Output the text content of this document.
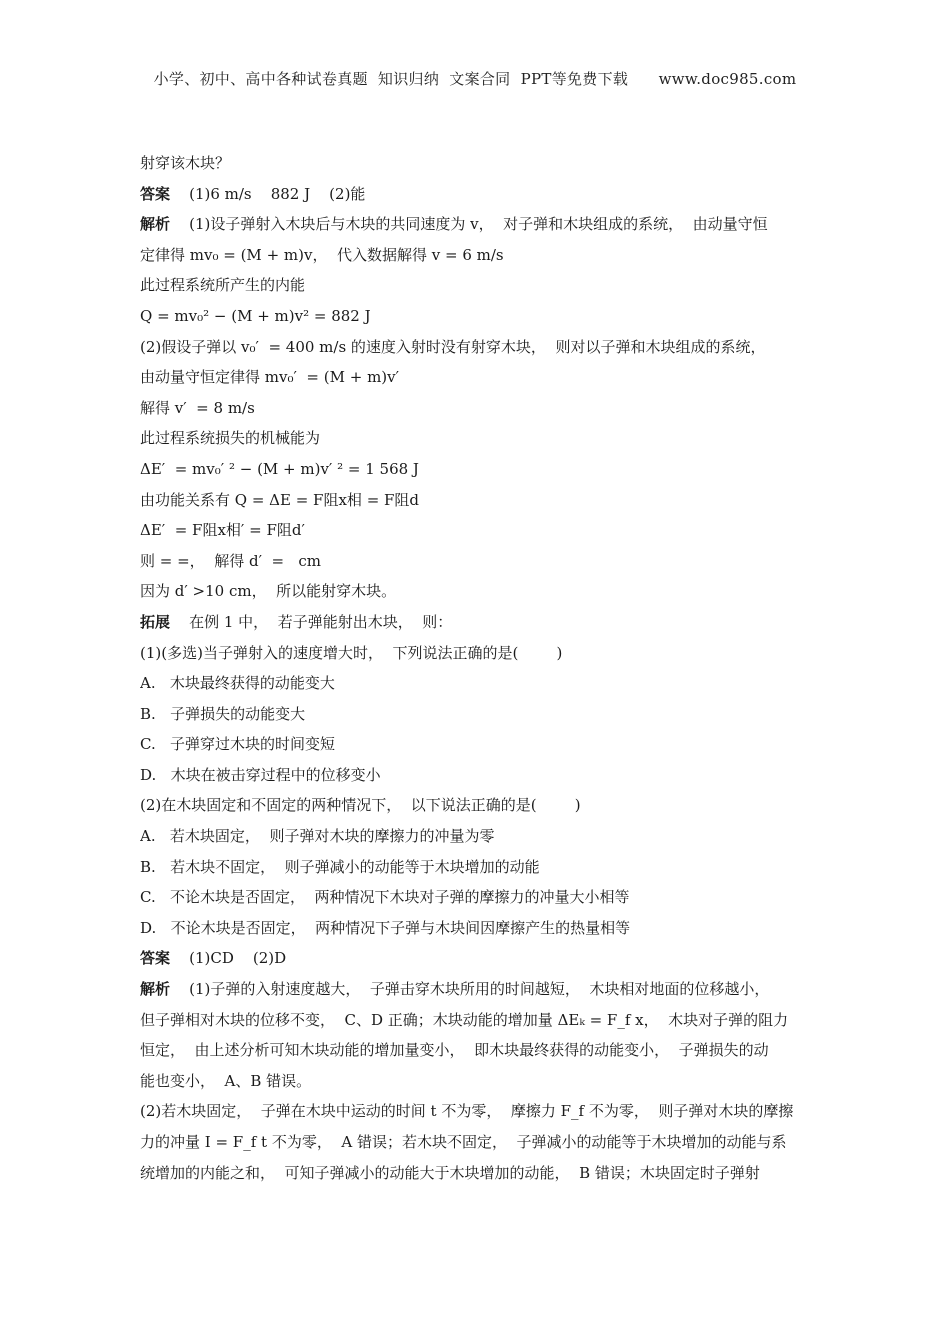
小学、初中、高中各种试卷真题  知识归纳  文案合同  PPT等免费下载      www.doc985.com
射穿该木块？
答案    (1)6 m/s    882 J    (2)能
解析    (1)设子弹射入木块后与木块的共同速度为 v，  对子弹和木块组成的系统，  由动量守恒
定律得 mv₀ = (M + m)v，  代入数据解得 v = 6 m/s
此过程系统所产生的内能
Q = mv₀² − (M + m)v² = 882 J
(2)假设子弹以 v₀′  = 400 m/s 的速度入射时没有射穿木块，  则对以子弹和木块组成的系统，
由动量守恒定律得 mv₀′  = (M + m)v′
解得 v′  = 8 m/s
此过程系统损失的机械能为
ΔE′  = mv₀′ ² − (M + m)v′ ² = 1 568 J
由功能关系有 Q = ΔE = F阻x相 = F阻d
ΔE′  = F阻x相′ = F阻d′
则 = =，  解得 d′  =   cm
因为 d′ >10 cm，  所以能射穿木块。
拓展    在例 1 中，  若子弹能射出木块，  则：
(1)(多选)当子弹射入的速度增大时，  下列说法正确的是(        )
A.   木块最终获得的动能变大
B.   子弹损失的动能变大
C.   子弹穿过木块的时间变短
D.   木块在被击穿过程中的位移变小
(2)在木块固定和不固定的两种情况下，  以下说法正确的是(        )
A.   若木块固定，  则子弹对木块的摩擦力的冲量为零
B.   若木块不固定，  则子弹减小的动能等于木块增加的动能
C.   不论木块是否固定，  两种情况下木块对子弹的摩擦力的冲量大小相等
D.   不论木块是否固定，  两种情况下子弹与木块间因摩擦产生的热量相等
答案    (1)CD    (2)D
解析    (1)子弹的入射速度越大，  子弹击穿木块所用的时间越短，  木块相对地面的位移越小，
但子弹相对木块的位移不变，  C、D 正确；木块动能的增加量 ΔEₖ = F_f x，  木块对子弹的阻力
恒定，  由上述分析可知木块动能的增加量变小，  即木块最终获得的动能变小，  子弹损失的动
能也变小，  A、B 错误。
(2)若木块固定，  子弹在木块中运动的时间 t 不为零，  摩擦力 F_f 不为零，  则子弹对木块的摩擦
力的冲量 I = F_f t 不为零，  A 错误；若木块不固定，  子弹减小的动能等于木块增加的动能与系
统增加的内能之和，  可知子弹减小的动能大于木块增加的动能，  B 错误；木块固定时子弹射
